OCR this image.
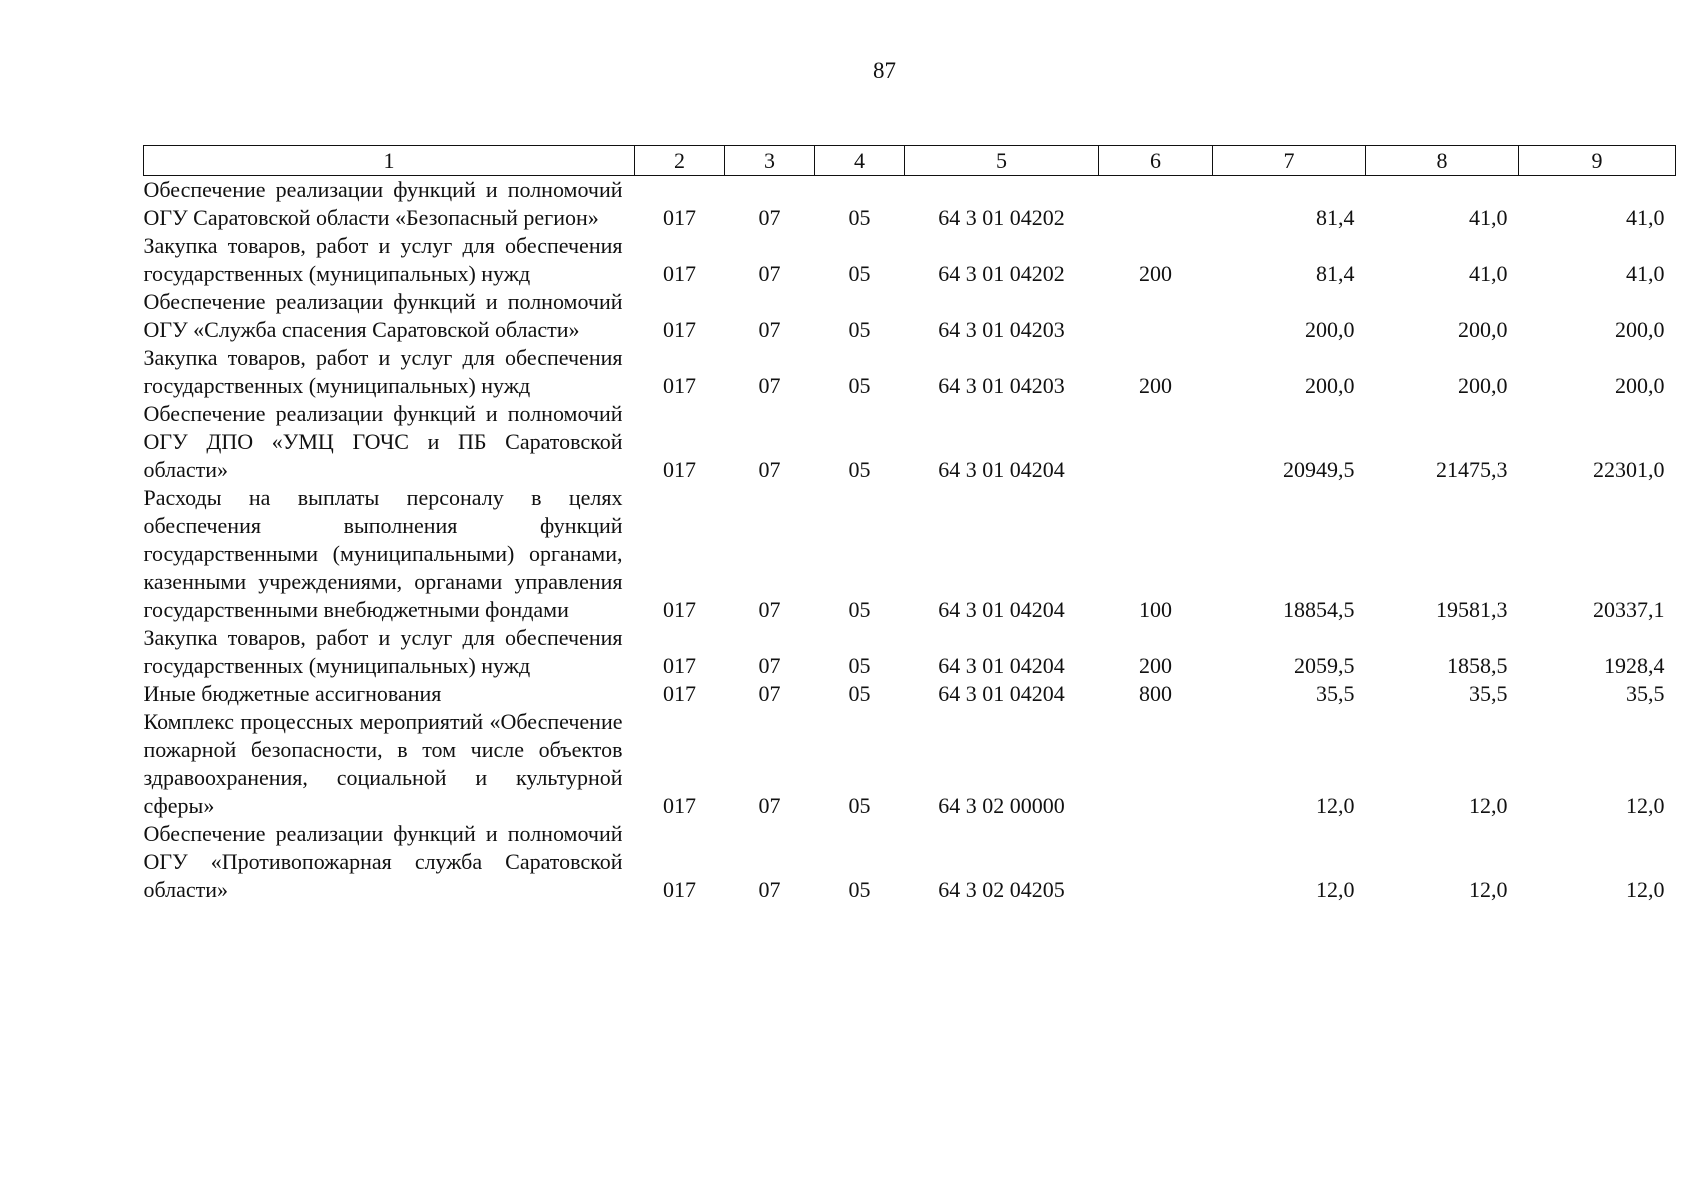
87
1	2	3	4	5	6	7	8	9
Обеспечение реализации функций и полномочий ОГУ Саратовской области «Безопасный регион»	017	07	05	64 3 01 04202		81,4	41,0	41,0
Закупка товаров, работ и услуг для обеспечения государственных (муниципальных) нужд	017	07	05	64 3 01 04202	200	81,4	41,0	41,0
Обеспечение реализации функций и полномочий ОГУ «Служба спасения Саратовской области»	017	07	05	64 3 01 04203		200,0	200,0	200,0
Закупка товаров, работ и услуг для обеспечения государственных (муниципальных) нужд	017	07	05	64 3 01 04203	200	200,0	200,0	200,0
Обеспечение реализации функций и полномочий ОГУ ДПО «УМЦ ГОЧС и ПБ Саратовской области»	017	07	05	64 3 01 04204		20949,5	21475,3	22301,0
Расходы на выплаты персоналу в целях обеспечения выполнения функций государственными (муниципальными) органами, казенными учреждениями, органами управления государственными внебюджетными фондами	017	07	05	64 3 01 04204	100	18854,5	19581,3	20337,1
Закупка товаров, работ и услуг для обеспечения государственных (муниципальных) нужд	017	07	05	64 3 01 04204	200	2059,5	1858,5	1928,4
Иные бюджетные ассигнования	017	07	05	64 3 01 04204	800	35,5	35,5	35,5
Комплекс процессных мероприятий «Обеспечение пожарной безопасности, в том числе объектов здравоохранения, социальной и культурной сферы»	017	07	05	64 3 02 00000		12,0	12,0	12,0
Обеспечение реализации функций и полномочий ОГУ «Противопожарная служба Саратовской области»	017	07	05	64 3 02 04205		12,0	12,0	12,0
